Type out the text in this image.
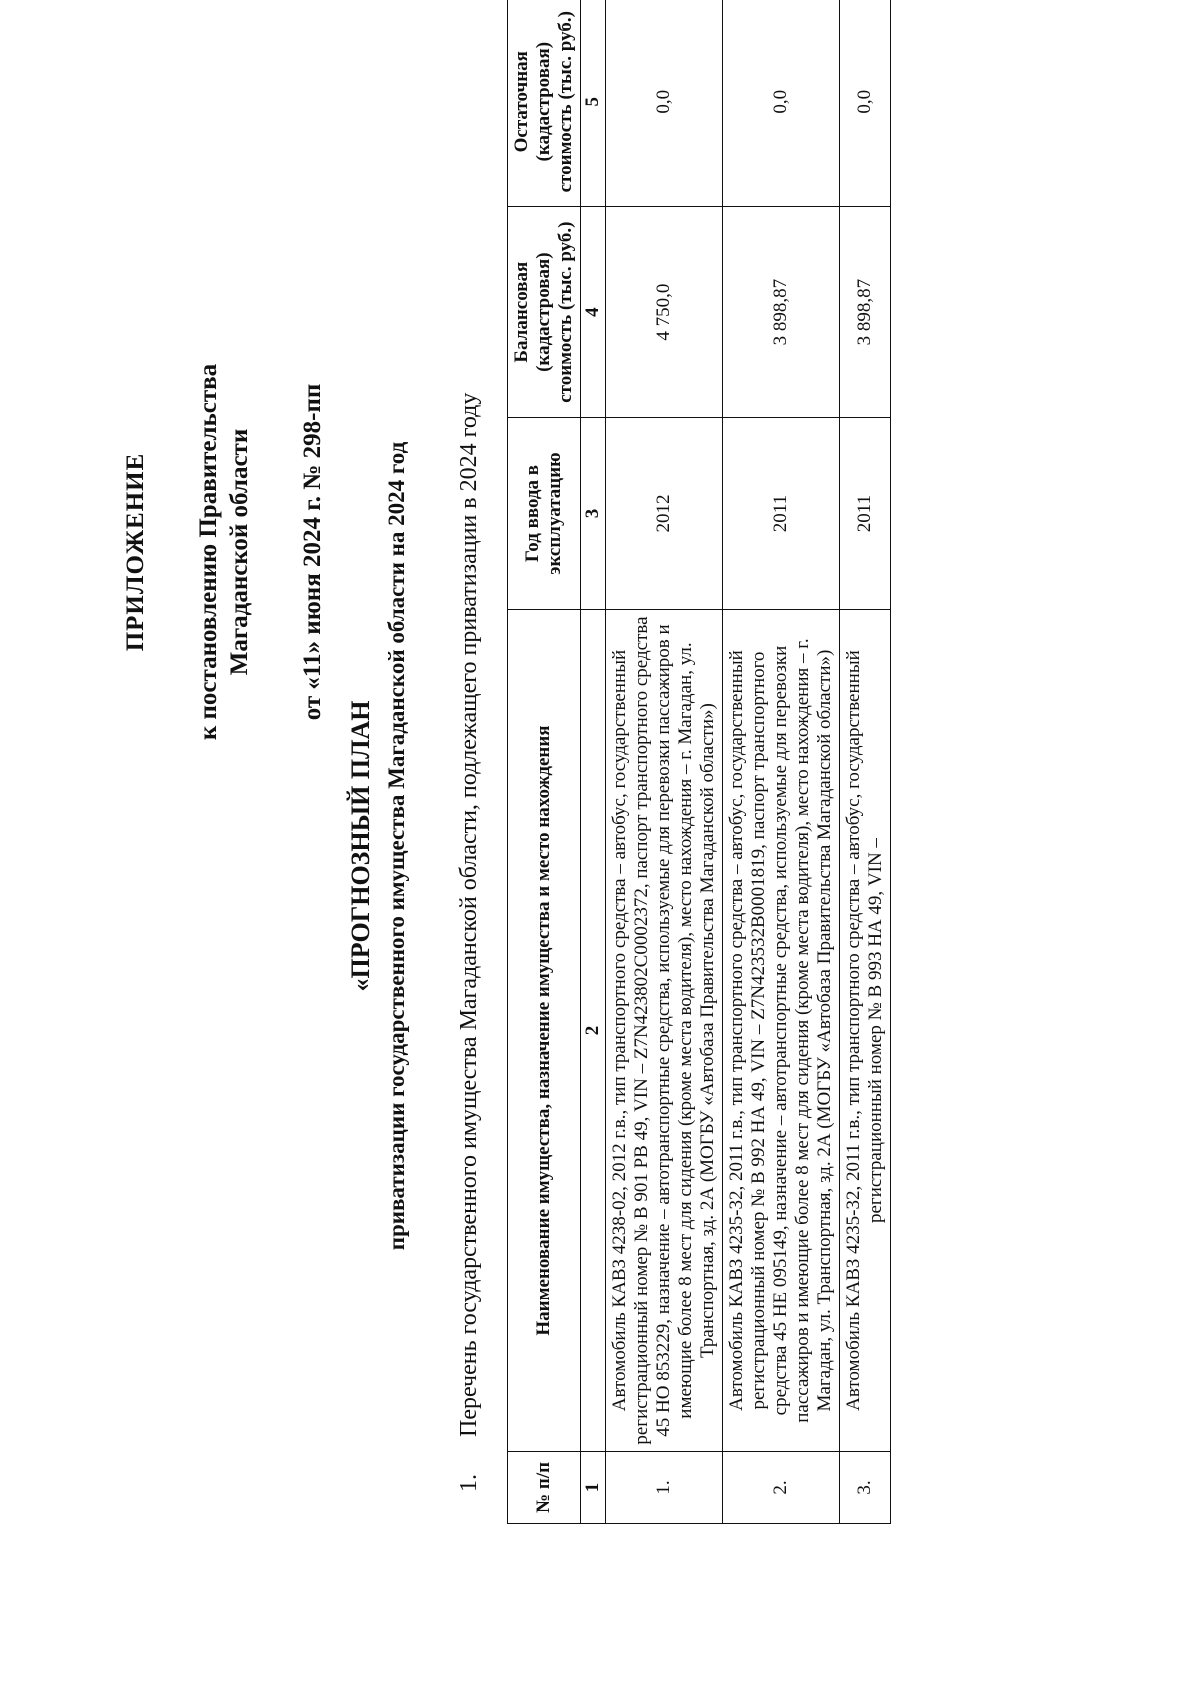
ПРИЛОЖЕНИЕ к постановлению Правительства Магаданской области от «11» июня 2024 г. № 298-пп
«ПРОГНОЗНЫЙ ПЛАН приватизации государственного имущества Магаданской области на 2024 год
1.Перечень государственного имущества Магаданской области, подлежащего приватизации в 2024 году
№ п/п	Наименование имущества, назначение имущества и место нахождения	Год ввода в эксплуатацию	Балансовая (кадастровая) стоимость (тыс. руб.)	Остаточная (кадастровая) стоимость (тыс. руб.)
1	2	3	4	5
1.	Автомобиль КАВЗ 4238-02, 2012 г.в., тип транспортного средства – автобус, государственный регистрационный номер № В 901 РВ 49, VIN – Z7N423802C0002372, паспорт транспортного средства 45 НО 853229, назначение – автотранспортные средства, используемые для перевозки пассажиров и имеющие более 8 мест для сидения (кроме места водителя), место нахождения – г. Магадан, ул. Транспортная, зд. 2А (МОГБУ «Автобаза Правительства Магаданской области»)	2012	4 750,0	0,0
2.	Автомобиль КАВЗ 4235-32, 2011 г.в., тип транспортного средства – автобус, государственный регистрационный номер № В 992 НА 49, VIN – Z7N423532B0001819, паспорт транспортного средства 45 НЕ 095149, назначение – автотранспортные средства, используемые для перевозки пассажиров и имеющие более 8 мест для сидения (кроме места водителя), место нахождения – г. Магадан, ул. Транспортная, зд. 2А (МОГБУ «Автобаза Правительства Магаданской области»)	2011	3 898,87	0,0
3.	Автомобиль КАВЗ 4235-32, 2011 г.в., тип транспортного средства – автобус, государственный регистрационный номер № В 993 НА 49, VIN –	2011	3 898,87	0,0
